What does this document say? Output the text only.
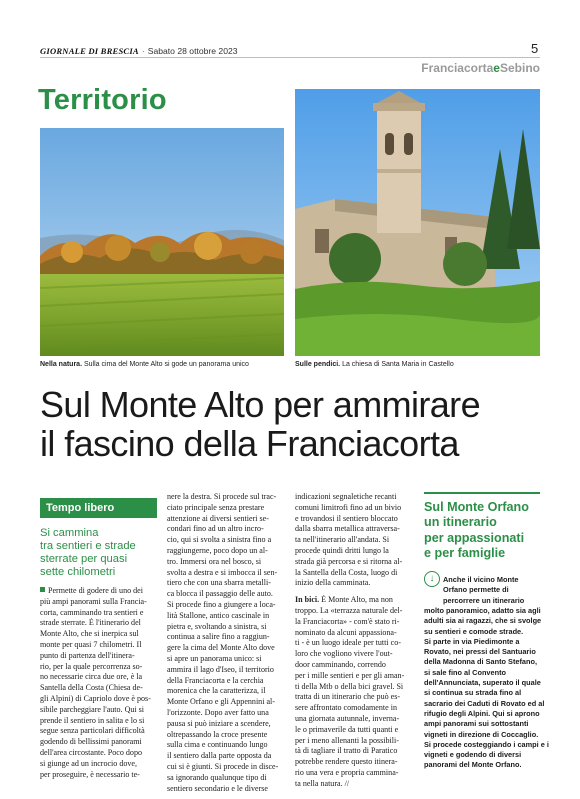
GIORNALE DI BRESCIA · Sabato 28 ottobre 2023	5
FranciacortaeSebino
Territorio
Nella natura. Sulla cima del Monte Alto si gode un panorama unico	Sulle pendici. La chiesa di Santa Maria in Castello
Sul Monte Alto per ammirare
il fascino della Franciacorta
Tempo libero
Si cammina
tra sentieri e strade
sterrate per quasi
sette chilometri
Permette di godere di uno dei
più ampi panorami sulla Francia-
corta, camminando tra sentieri e
strade sterrate. È l'itinerario del
Monte Alto, che si inerpica sul
monte per quasi 7 chilometri. Il
punto di partenza dell'itinera-
rio, per la quale percorrenza so-
no necessarie circa due ore, è la
Santella della Costa (Chiesa de-
gli Alpini) di Capriolo dove è pos-
sibile parcheggiare l'auto. Qui si
prende il sentiero in salita e lo si
segue senza particolari difficoltà
godendo di bellissimi panorami
dell'area circostante. Poco dopo
si giunge ad un incrocio dove,
per proseguire, è necessario te-
nere la destra. Si procede sul trac-
ciato principale senza prestare
attenzione ai diversi sentieri se-
condari fino ad un altro incro-
cio, qui si svolta a sinistra fino a
raggiungerne, poco dopo un al-
tro. Immersi ora nel bosco, si
svolta a destra e si imbocca il sen-
tiero che con una sbarra metalli-
ca blocca il passaggio delle auto.
Si procede fino a giungere a loca-
lità Stallone, antico cascinale in
pietra e, svoltando a sinistra, si
continua a salire fino a raggiun-
gere la cima del Monte Alto dove
si apre un panorama unico: si
ammira il lago d'Iseo, il territorio
della Franciacorta e la cerchia
morenica che la caratterizza, il
Monte Orfano e gli Appennini al-
l'orizzonte. Dopo aver fatto una
pausa si può iniziare a scendere,
oltrepassando la croce presente
sulla cima e continuando lungo
il sentiero dalla parte opposta da
cui si è giunti. Si procede in disce-
sa ignorando qualunque tipo di
sentiero secondario e le diverse
indicazioni segnaletiche recanti
comuni limitrofi fino ad un bivio
e trovandosi il sentiero bloccato
dalla sbarra metallica attraversa-
ta nell'itinerario all'andata. Si
procede quindi dritti lungo la
strada già percorsa e si ritorna al-
la Santella della Costa, luogo di
inizio della camminata.
In bici. È Monte Alto, ma non
troppo. La «terrazza naturale del-
la Franciacorta» - com'è stato ri-
nominato da alcuni appassiona-
ti - è un luogo ideale per tutti co-
loro che vogliono vivere l'out-
door camminando, correndo
per i mille sentieri e per gli aman-
ti della Mtb o della bici gravel. Si
tratta di un itinerario che può es-
sere affrontato comodamente in
una giornata autunnale, inverna-
le o primaverile da tutti quanti e
per i meno allenanti la possibili-
tà di tagliare il tratto di Paratico
potrebbe rendere questo itinera-
rio una vera e propria cammina-
ta nella natura. //
Sul Monte Orfano
un itinerario
per appassionati
e per famiglie
↓	Anche il vicino Monte
Orfano permette di
percorrere un itinerario
molto panoramico, adatto sia agli
adulti sia ai ragazzi, che si svolge
su sentieri e comode strade.
Si parte in via Piedimonte a
Rovato, nei pressi del Santuario
della Madonna di Santo Stefano,
si sale fino al Convento
dell'Annunciata, superato il quale
si continua su strada fino al
sacrario dei Caduti di Rovato ed al
rifugio degli Alpini. Qui si aprono
ampi panorami sui sottostanti
vigneti in direzione di Coccaglio.
Si procede costeggiando i campi e i
vigneti e godendo di diversi
panorami del Monte Orfano.
